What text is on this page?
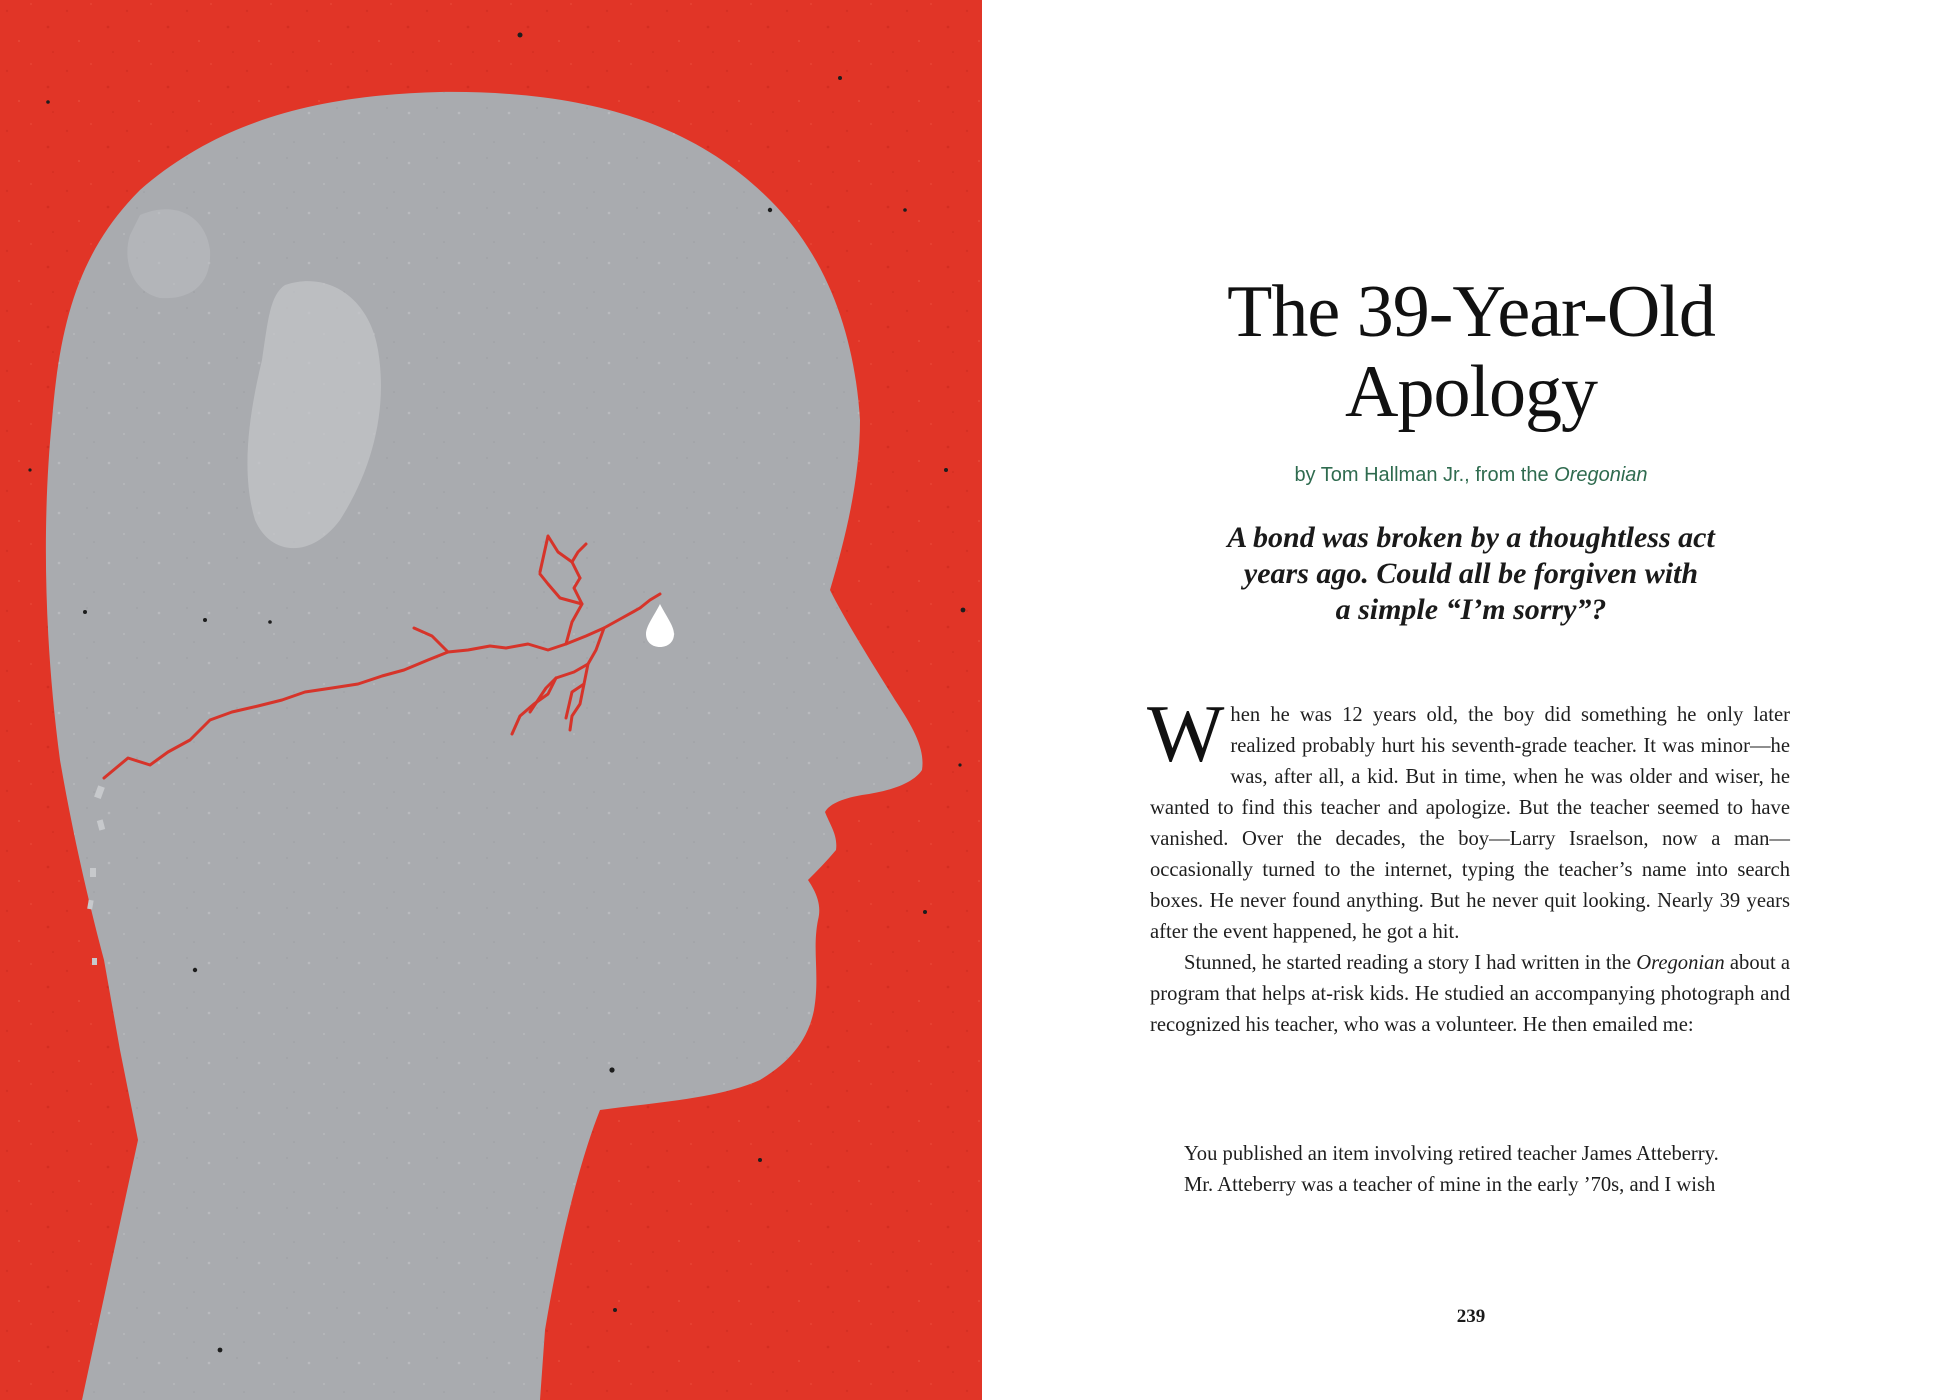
The 39-Year-Old
Apology
by Tom Hallman Jr., from the Oregonian
A bond was broken by a thoughtless act
years ago. Could all be forgiven with
a simple “I’m sorry”?

When he was 12 years old, the boy did something he only later realized probably hurt his seventh-grade teacher. It was minor—he was, after all, a kid. But in time, when he was older and wiser, he wanted to find this teacher and apologize. But the teacher seemed to have vanished. Over the decades, the boy—Larry Israelson, now a man—occasionally turned to the internet, typing the teacher’s name into search boxes. He never found anything. But he never quit looking. Nearly 39 years after the event happened, he got a hit.

Stunned, he started reading a story I had written in the Oregonian about a program that helps at-risk kids. He studied an accompanying photograph and recognized his teacher, who was a volunteer. He then emailed me:

You published an item involving retired teacher James Atteberry.
Mr. Atteberry was a teacher of mine in the early ’70s, and I wish
239
